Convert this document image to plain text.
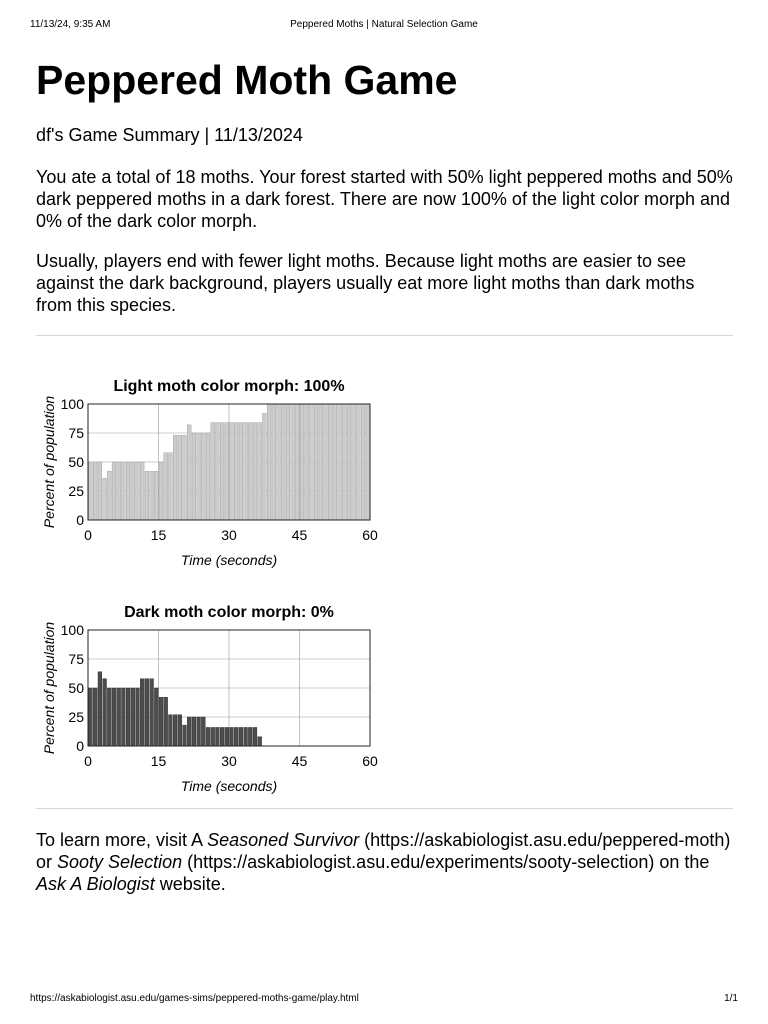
11/13/24, 9:35 AM	Peppered Moths | Natural Selection Game
Peppered Moth Game
df's Game Summary | 11/13/2024

You ate a total of 18 moths. Your forest started with 50% light peppered moths and 50% dark peppered moths in a dark forest. There are now 100% of the light color morph and 0% of the dark color morph.

Usually, players end with fewer light moths. Because light moths are easier to see against the dark background, players usually eat more light moths than dark moths from this species.

Light moth color morph: 100%
0
25
50
75
100
0	15	30	45	60
Time (seconds)
Percent of population
Dark moth color morph: 0%
0
25
50
75
100
0	15	30	45	60
Time (seconds)
Percent of population
To learn more, visit A Seasoned Survivor (https://askabiologist.asu.edu/peppered-moth) or Sooty Selection (https://askabiologist.asu.edu/experiments/sooty-selection) on the Ask A Biologist website.
https://askabiologist.asu.edu/games-sims/peppered-moths-game/play.html	1/1
